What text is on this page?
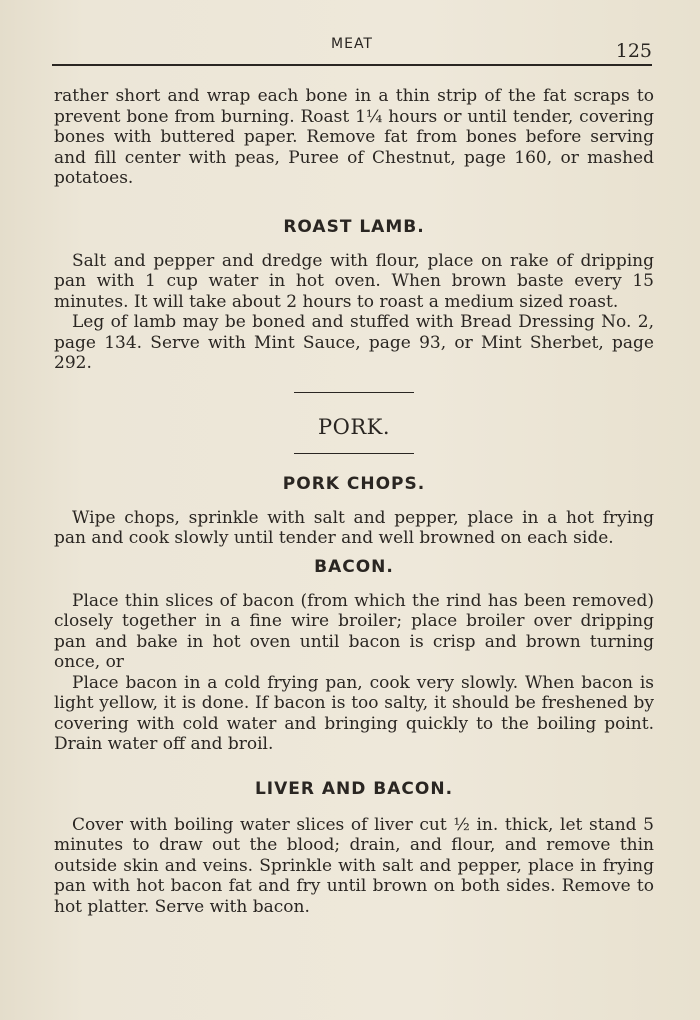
MEAT	125

rather short and wrap each bone in a thin strip of the fat scraps to prevent bone from burning. Roast 1¼ hours or until tender, covering bones with buttered paper. Remove fat from bones before serving and fill center with peas, Puree of Chestnut, page 160, or mashed potatoes.

ROAST LAMB.

Salt and pepper and dredge with flour, place on rake of dripping pan with 1 cup water in hot oven. When brown baste every 15 minutes. It will take about 2 hours to roast a medium sized roast.

Leg of lamb may be boned and stuffed with Bread Dressing No. 2, page 134. Serve with Mint Sauce, page 93, or Mint Sherbet, page 292.

PORK.
PORK CHOPS.

Wipe chops, sprinkle with salt and pepper, place in a hot frying pan and cook slowly until tender and well browned on each side.

BACON.

Place thin slices of bacon (from which the rind has been removed) closely together in a fine wire broiler; place broiler over dripping pan and bake in hot oven until bacon is crisp and brown turning once, or

Place bacon in a cold frying pan, cook very slowly. When bacon is light yellow, it is done. If bacon is too salty, it should be freshened by covering with cold water and bringing quickly to the boiling point. Drain water off and broil.

LIVER AND BACON.

Cover with boiling water slices of liver cut ½ in. thick, let stand 5 minutes to draw out the blood; drain, and flour, and remove thin outside skin and veins. Sprinkle with salt and pepper, place in frying pan with hot bacon fat and fry until brown on both sides. Remove to hot platter. Serve with bacon.
